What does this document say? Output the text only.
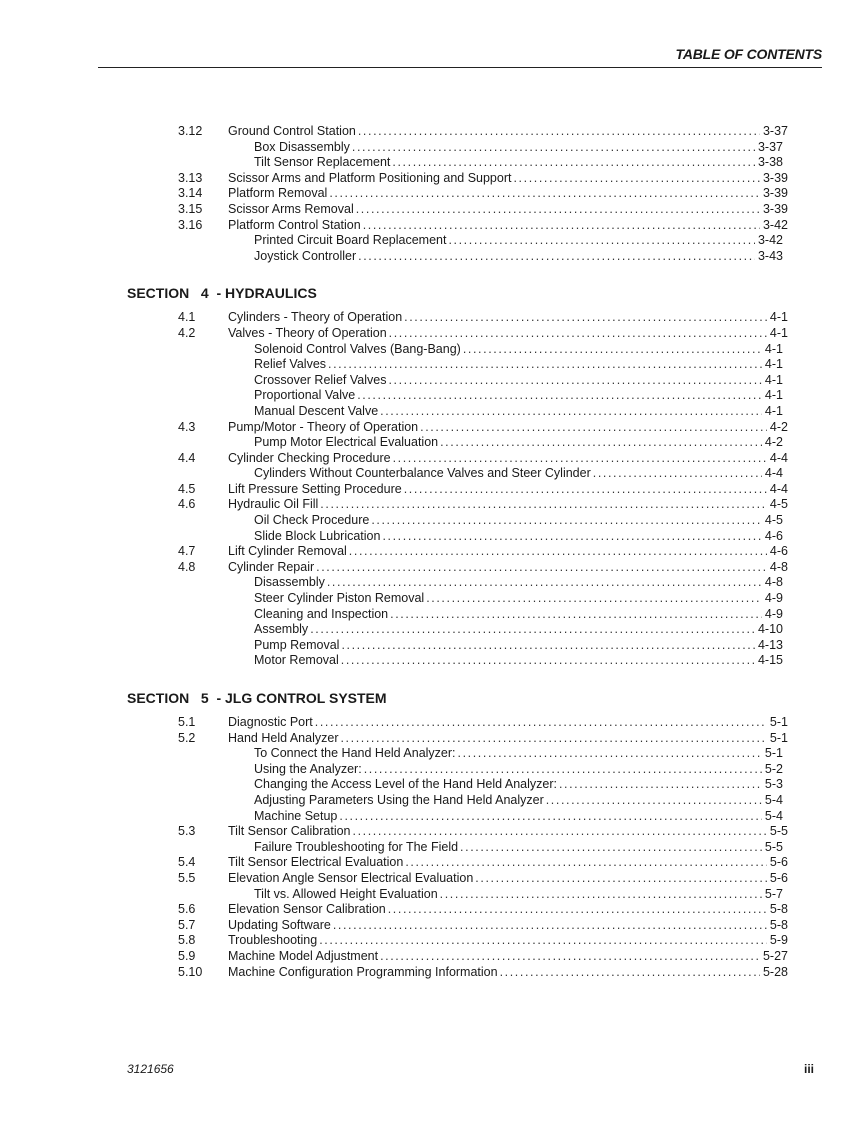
TABLE OF CONTENTS
3.12 Ground Control Station .....	3-37
Box Disassembly .....	3-37
Tilt Sensor Replacement .....	3-38
3.13 Scissor Arms and Platform Positioning and Support .....	3-39
3.14 Platform Removal .....	3-39
3.15 Scissor Arms Removal .....	3-39
3.16 Platform Control Station .....	3-42
Printed Circuit Board Replacement .....	3-42
Joystick Controller .....	3-43
SECTION   4  - HYDRAULICS
4.1	Cylinders - Theory of Operation .....	4-1
4.2	Valves - Theory of Operation .....	4-1
Solenoid Control Valves (Bang-Bang) .....	4-1
Relief Valves .....	4-1
Crossover Relief Valves .....	4-1
Proportional Valve .....	4-1
Manual Descent Valve .....	4-1
4.3	Pump/Motor - Theory of Operation .....	4-2
Pump Motor Electrical Evaluation .....	4-2
4.4	Cylinder Checking Procedure .....	4-4
Cylinders Without Counterbalance Valves and Steer Cylinder .....	4-4
4.5	Lift Pressure Setting Procedure .....	4-4
4.6	Hydraulic Oil Fill .....	4-5
Oil Check Procedure .....	4-5
Slide Block Lubrication .....	4-6
4.7	Lift Cylinder Removal .....	4-6
4.8	Cylinder Repair .....	4-8
Disassembly .....	4-8
Steer Cylinder Piston Removal .....	4-9
Cleaning and Inspection .....	4-9
Assembly .....	4-10
Pump Removal .....	4-13
Motor Removal .....	4-15
SECTION   5  - JLG CONTROL SYSTEM
5.1	Diagnostic Port .....	5-1
5.2	Hand Held Analyzer .....	5-1
To Connect the Hand Held Analyzer: .....	5-1
Using the Analyzer: .....	5-2
Changing the Access Level of the Hand Held Analyzer: .....	5-3
Adjusting Parameters Using the Hand Held Analyzer .....	5-4
Machine Setup .....	5-4
5.3	Tilt Sensor Calibration .....	5-5
Failure Troubleshooting for The Field .....	5-5
5.4	Tilt Sensor Electrical Evaluation .....	5-6
5.5	Elevation Angle Sensor Electrical Evaluation .....	5-6
Tilt vs. Allowed Height Evaluation .....	5-7
5.6	Elevation Sensor Calibration .....	5-8
5.7	Updating Software .....	5-8
5.8	Troubleshooting .....	5-9
5.9	Machine Model Adjustment .....	5-27
5.10 Machine Configuration Programming Information .....	5-28
3121656	iii
